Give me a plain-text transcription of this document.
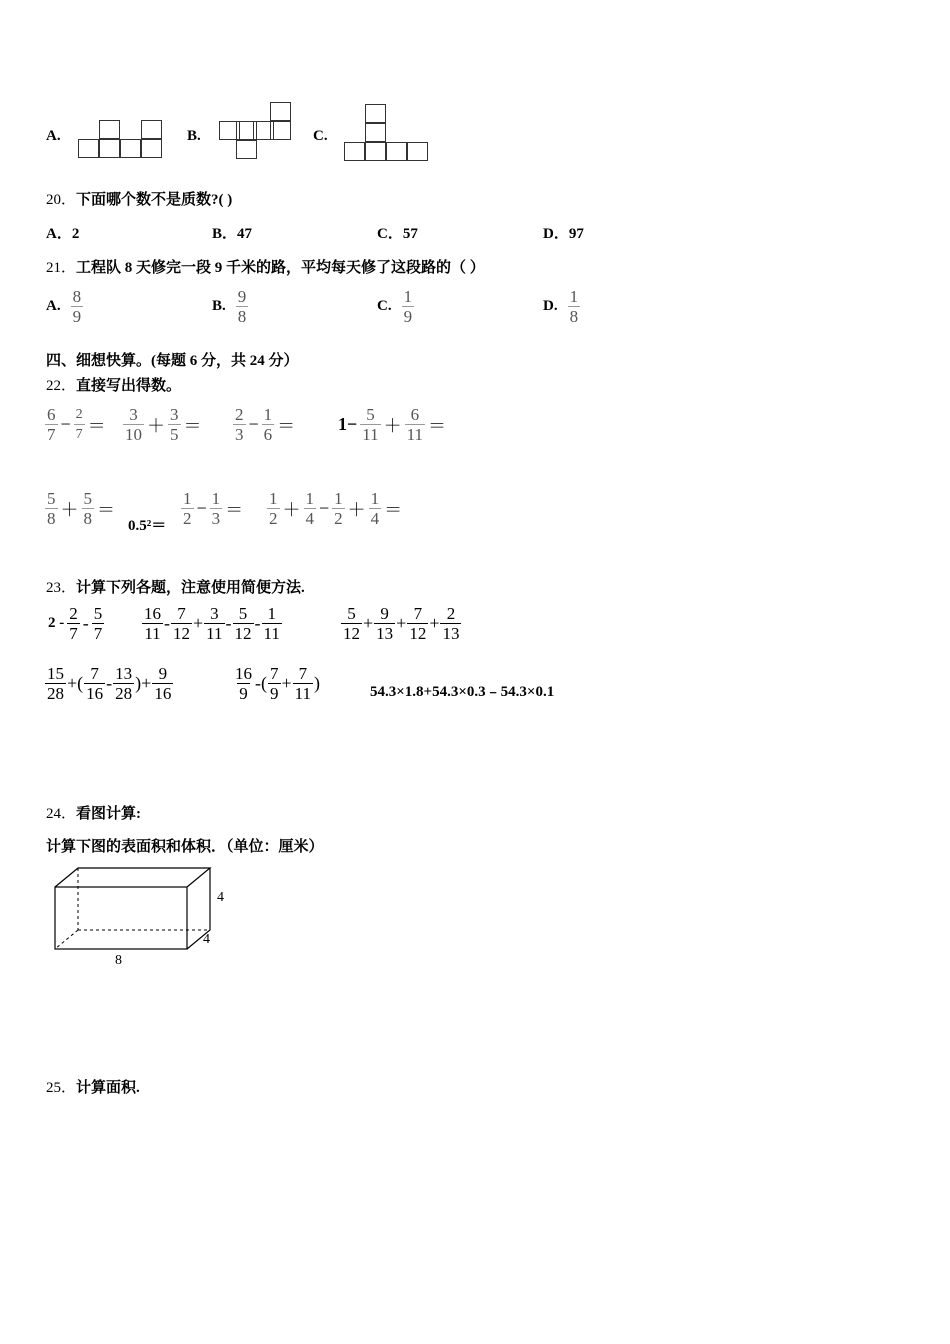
A.	B.	C.
20．下面哪个数不是质数?( )
A．2	B．47	C．57	D．97
21．工程队 8 天修完一段 9 千米的路，平均每天修了这段路的（ ）
A. 8
9
B. 9
8
C. 1
9
D. 1
8
四、细想快算。(每题 6 分，共 24 分）
22．直接写出得数。
6
7
− $\frac{2}{7}$ ＝
3
10 ＋
3
5 ＝
2
3
− $\frac{1}{6} = 1- \frac{5}{11}$ ＋
6
11 ＝
5
8 ＋
5
8 ＝
0.5²＝
1
2
− $\frac{1}{3}$ ＝
1
2 ＋
1
4
− $\frac{1}{2}$ ＋
1
4 ＝
23．计算下列各题，注意使用简便方法.
2 - 2
7
- 5
7
16
11
- 7
12
+ $\frac{3}{11} - 5$
12
- 1
11
5
12
+ $\frac{9}{13} + \frac{7}{12} + \frac{2}{13}$
15
28
+( 7
16
- 13
28
)+ $\frac{9}{16}$	16
9
-( 7
9
+ $\frac{7}{11}$ )	54.3×1.8+54.3×0.3﹣54.3×0.1
24．看图计算:
计算下图的表面积和体积．（单位：厘米）
4
4
8
25．计算面积.
